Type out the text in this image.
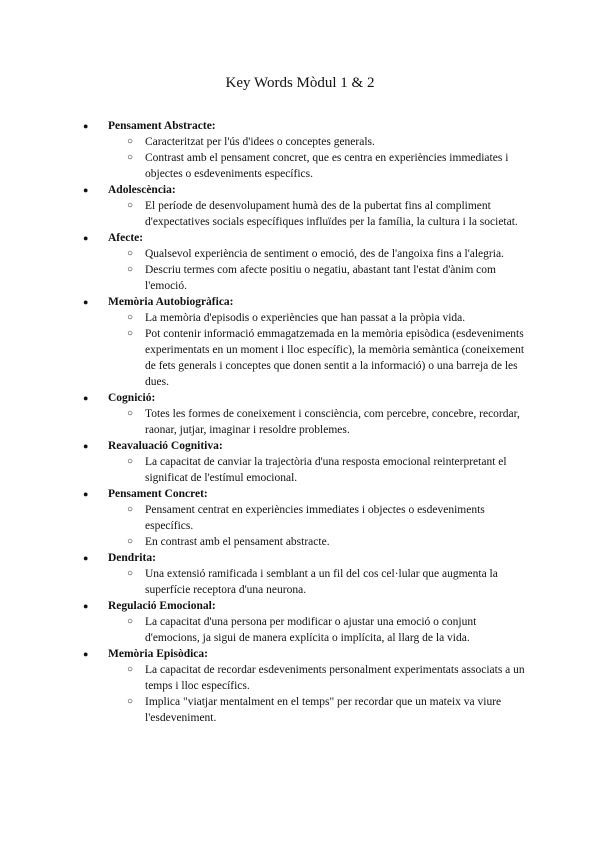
Key Words Mòdul 1 & 2
●	Pensament Abstracte:
○ Caracteritzat per l'ús d'idees o conceptes generals.
○ Contrast amb el pensament concret, que es centra en experiències immediates i objectes o esdeveniments específics.
●	Adolescència:
○ El període de desenvolupament humà des de la pubertat fins al compliment d'expectatives socials específiques influïdes per la família, la cultura i la societat.
●	Afecte:
○ Qualsevol experiència de sentiment o emoció, des de l'angoixa fins a l'alegria.
○ Descriu termes com afecte positiu o negatiu, abastant tant l'estat d'ànim com l'emoció.
●	Memòria Autobiogràfica:
○ La memòria d'episodis o experiències que han passat a la pròpia vida.
○ Pot contenir informació emmagatzemada en la memòria episòdica (esdeveniments experimentats en un moment i lloc específic), la memòria semàntica (coneixement de fets generals i conceptes que donen sentit a la informació) o una barreja de les dues.
●	Cognició:
○ Totes les formes de coneixement i consciència, com percebre, concebre, recordar, raonar, jutjar, imaginar i resoldre problemes.
●	Reavaluació Cognitiva:
○ La capacitat de canviar la trajectòria d'una resposta emocional reinterpretant el significat de l'estímul emocional.
●	Pensament Concret:
○ Pensament centrat en experiències immediates i objectes o esdeveniments específics.
○ En contrast amb el pensament abstracte.
●	Dendrita:
○ Una extensió ramificada i semblant a un fil del cos cel·lular que augmenta la superfície receptora d'una neurona.
●	Regulació Emocional:
○ La capacitat d'una persona per modificar o ajustar una emoció o conjunt d'emocions, ja sigui de manera explícita o implícita, al llarg de la vida.
●	Memòria Episòdica:
○ La capacitat de recordar esdeveniments personalment experimentats associats a un temps i lloc específics.
○ Implica "viatjar mentalment en el temps" per recordar que un mateix va viure l'esdeveniment.
